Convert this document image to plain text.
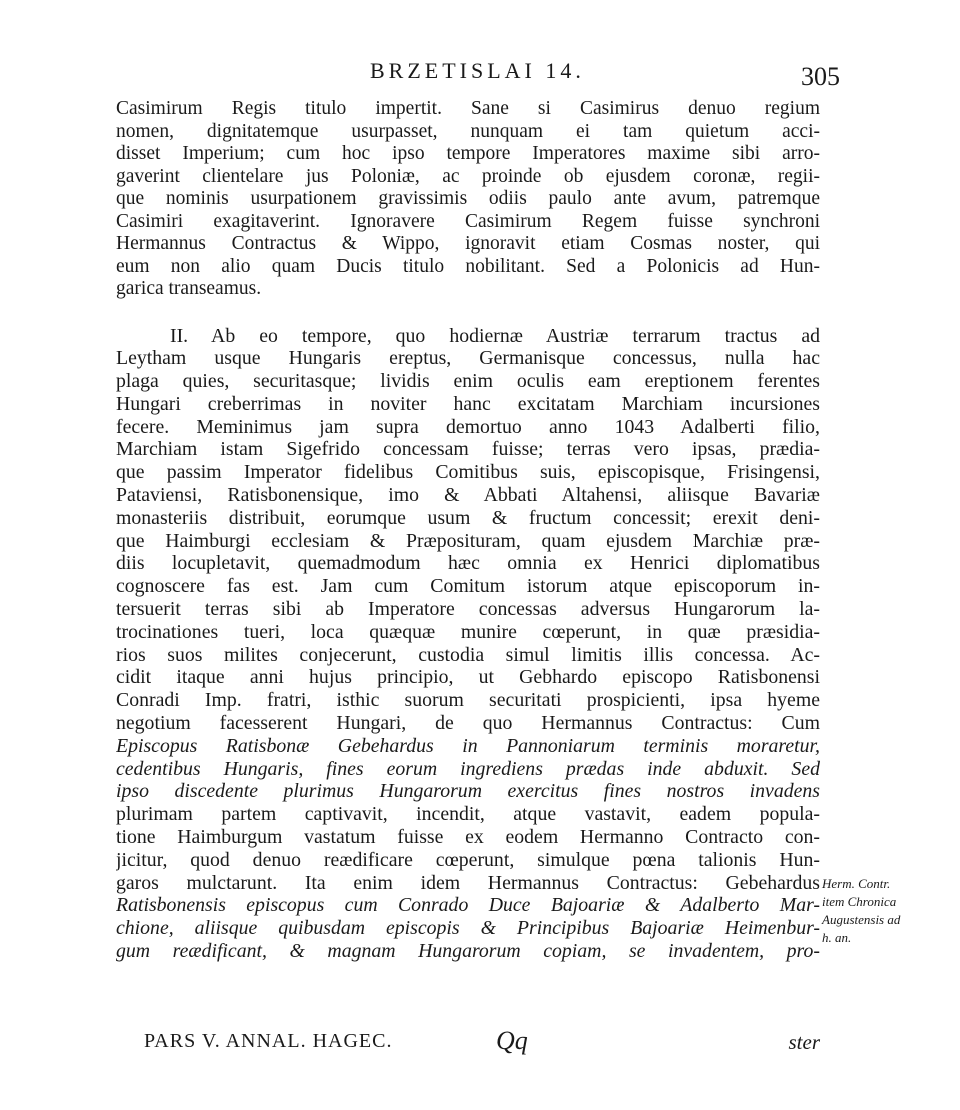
BRZETISLAI 14.	305
Casimirum Regis titulo impertit. Sane si Casimirus denuo regium
nomen, dignitatemque usurpasset, nunquam ei tam quietum acci-
disset Imperium; cum hoc ipso tempore Imperatores maxime sibi arro-
gaverint clientelare jus Poloniæ, ac proinde ob ejusdem coronæ, regii-
que nominis usurpationem gravissimis odiis paulo ante avum, patremque
Casimiri exagitaverint. Ignoravere Casimirum Regem fuisse synchroni
Hermannus Contractus & Wippo, ignoravit etiam Cosmas noster, qui
eum non alio quam Ducis titulo nobilitant. Sed a Polonicis ad Hun-
garica transeamus.
II. Ab eo tempore, quo hodiernæ Austriæ terrarum tractus ad
Leytham usque Hungaris ereptus, Germanisque concessus, nulla hac
plaga quies, securitasque; lividis enim oculis eam ereptionem ferentes
Hungari creberrimas in noviter hanc excitatam Marchiam incursiones
fecere. Meminimus jam supra demortuo anno 1043 Adalberti filio,
Marchiam istam Sigefrido concessam fuisse; terras vero ipsas, prædia-
que passim Imperator fidelibus Comitibus suis, episcopisque, Frisingensi,
Pataviensi, Ratisbonensique, imo & Abbati Altahensi, aliisque Bavariæ
monasteriis distribuit, eorumque usum & fructum concessit; erexit deni-
que Haimburgi ecclesiam & Præposituram, quam ejusdem Marchiæ præ-
diis locupletavit, quemadmodum hæc omnia ex Henrici diplomatibus
cognoscere fas est. Jam cum Comitum istorum atque episcoporum in-
tersuerit terras sibi ab Imperatore concessas adversus Hungarorum la-
trocinationes tueri, loca quæquæ munire cœperunt, in quæ præsidia-
rios suos milites conjecerunt, custodia simul limitis illis concessa. Ac-
cidit itaque anni hujus principio, ut Gebhardo episcopo Ratisbonensi
Conradi Imp. fratri, isthic suorum securitati prospicienti, ipsa hyeme
negotium facesserent Hungari, de quo Hermannus Contractus: Cum
Episcopus Ratisbonæ Gebehardus in Pannoniarum terminis moraretur,
cedentibus Hungaris, fines eorum ingrediens prædas inde abduxit. Sed
ipso discedente plurimus Hungarorum exercitus fines nostros invadens
plurimam partem captivavit, incendit, atque vastavit, eadem popula-
tione Haimburgum vastatum fuisse ex eodem Hermanno Contracto con-
jicitur, quod denuo reædificare cœperunt, simulque pœna talionis Hun-
garos mulctarunt. Ita enim idem Hermannus Contractus: Gebehardus
Ratisbonensis episcopus cum Conrado Duce Bajoariæ & Adalberto Mar-
chione, aliisque quibusdam episcopis & Principibus Bajoariæ Heimenbur-
gum reædificant, & magnam Hungarorum copiam, se invadentem, pro-
Herm. Contr.
item Chronica
Augustensis ad
h. an.
PARS V. ANNAL. HAGEC.	Qq	ster
